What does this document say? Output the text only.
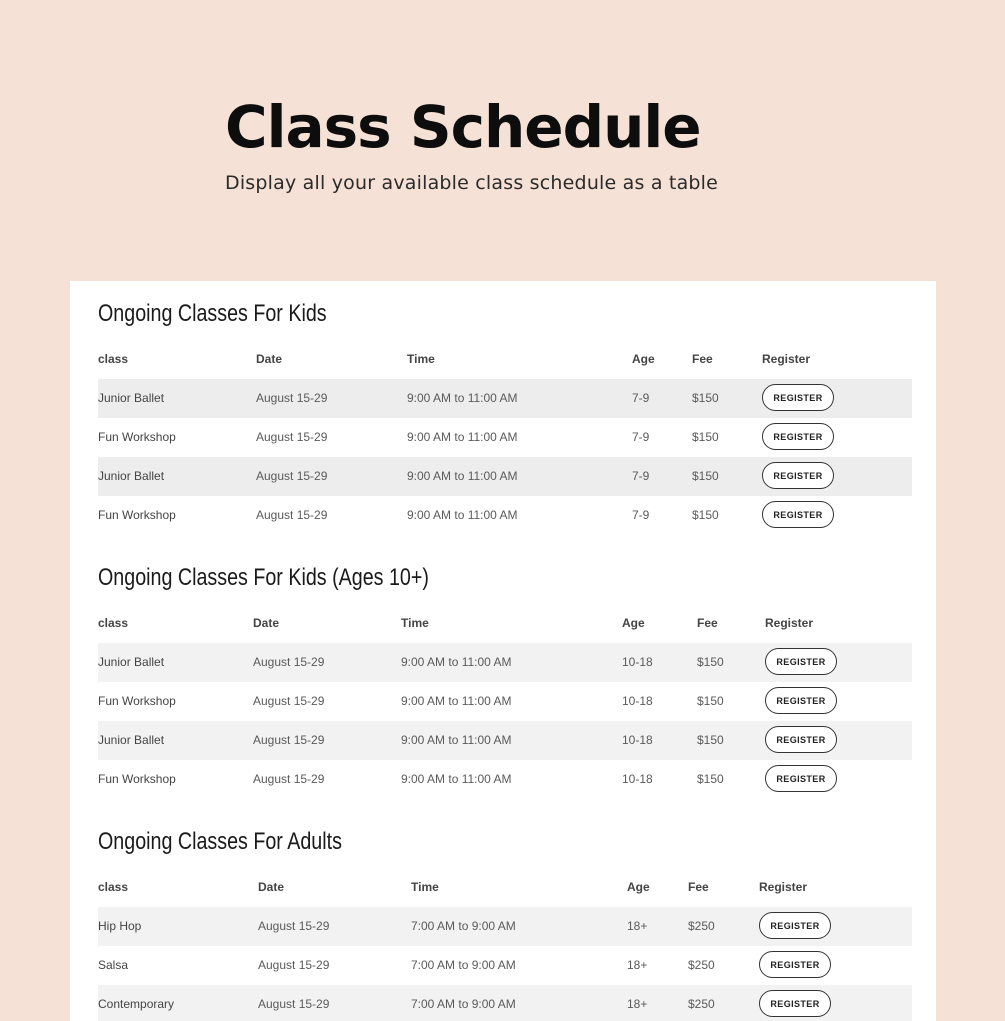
Class Schedule

Display all your available class schedule as a table

Ongoing Classes For Kids
class	Date	Time	Age	Fee	Register
Junior Ballet	August 15-29	9:00 AM to 11:00 AM	7-9	$150	REGISTER
Fun Workshop	August 15-29	9:00 AM to 11:00 AM	7-9	$150	REGISTER
Junior Ballet	August 15-29	9:00 AM to 11:00 AM	7-9	$150	REGISTER
Fun Workshop	August 15-29	9:00 AM to 11:00 AM	7-9	$150	REGISTER
Ongoing Classes For Kids (Ages 10+)
class	Date	Time	Age	Fee	Register
Junior Ballet	August 15-29	9:00 AM to 11:00 AM	10-18	$150	REGISTER
Fun Workshop	August 15-29	9:00 AM to 11:00 AM	10-18	$150	REGISTER
Junior Ballet	August 15-29	9:00 AM to 11:00 AM	10-18	$150	REGISTER
Fun Workshop	August 15-29	9:00 AM to 11:00 AM	10-18	$150	REGISTER
Ongoing Classes For Adults
class	Date	Time	Age	Fee	Register
Hip Hop	August 15-29	7:00 AM to 9:00 AM	18+	$250	REGISTER
Salsa	August 15-29	7:00 AM to 9:00 AM	18+	$250	REGISTER
Contemporary	August 15-29	7:00 AM to 9:00 AM	18+	$250	REGISTER
